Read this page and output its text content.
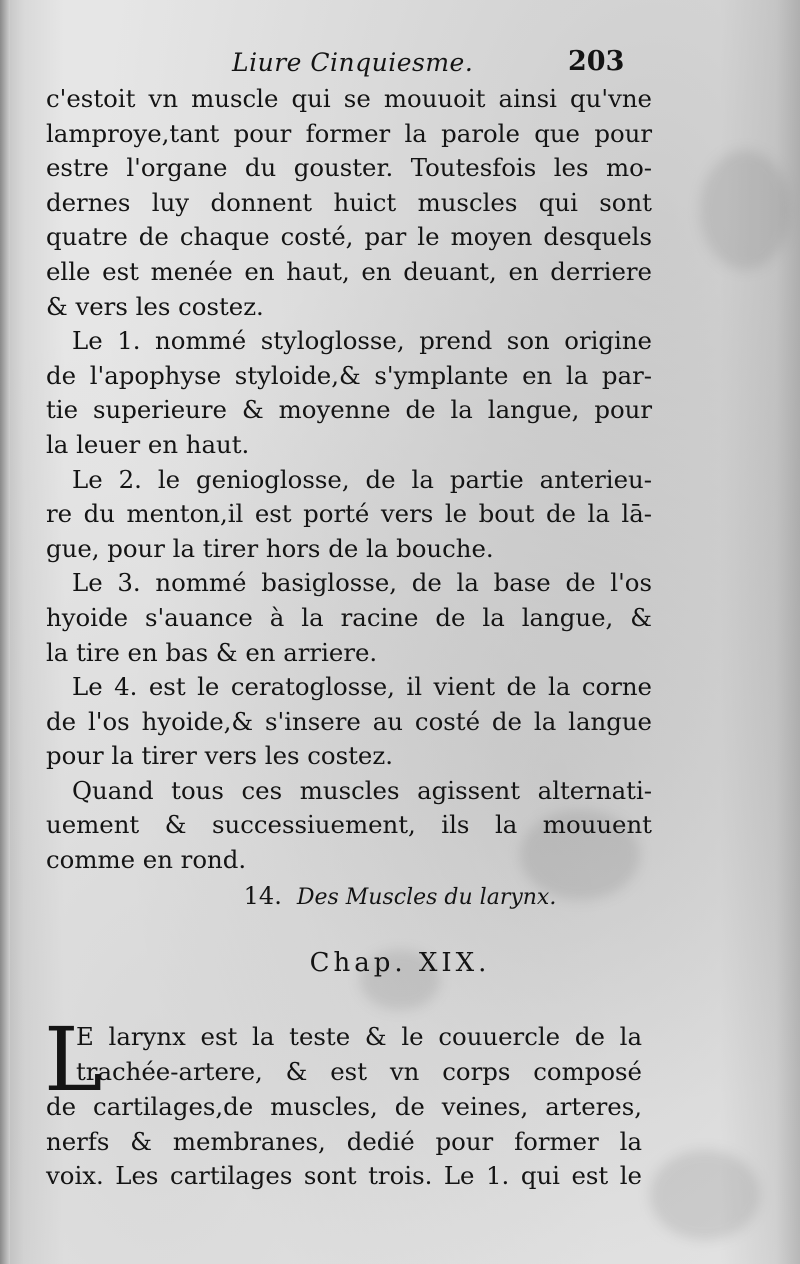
Liure Cinquiesme.	203
c'estoit vn muscle qui se mouuoit ainsi qu'vne
lamproye,tant pour former la parole que pour
estre l'organe du gouster. Toutesfois les mo-
dernes luy donnent huict muscles qui sont
quatre de chaque costé, par le moyen desquels
elle est menée en haut, en deuant, en derriere
& vers les costez.
Le 1. nommé styloglosse, prend son origine
de l'apophyse styloide,& s'ymplante en la par-
tie superieure & moyenne de la langue, pour
la leuer en haut.
Le 2. le genioglosse, de la partie anterieu-
re du menton,il est porté vers le bout de la lā-
gue, pour la tirer hors de la bouche.
Le 3. nommé basiglosse, de la base de l'os
hyoide s'auance à la racine de la langue, &
la tire en bas & en arriere.
Le 4. est le ceratoglosse, il vient de la corne
de l'os hyoide,& s'insere au costé de la langue
pour la tirer vers les costez.
Quand tous ces muscles agissent alternati-
uement & successiuement, ils la mouuent
comme en rond.
14. Des Muscles du larynx.
Chap. XIX.
L
E larynx est la teste & le couuercle de la
trachée-artere, & est vn corps composé
de cartilages,de muscles, de veines, arteres,
nerfs & membranes, dedié pour former la
voix. Les cartilages sont trois. Le 1. qui est le
